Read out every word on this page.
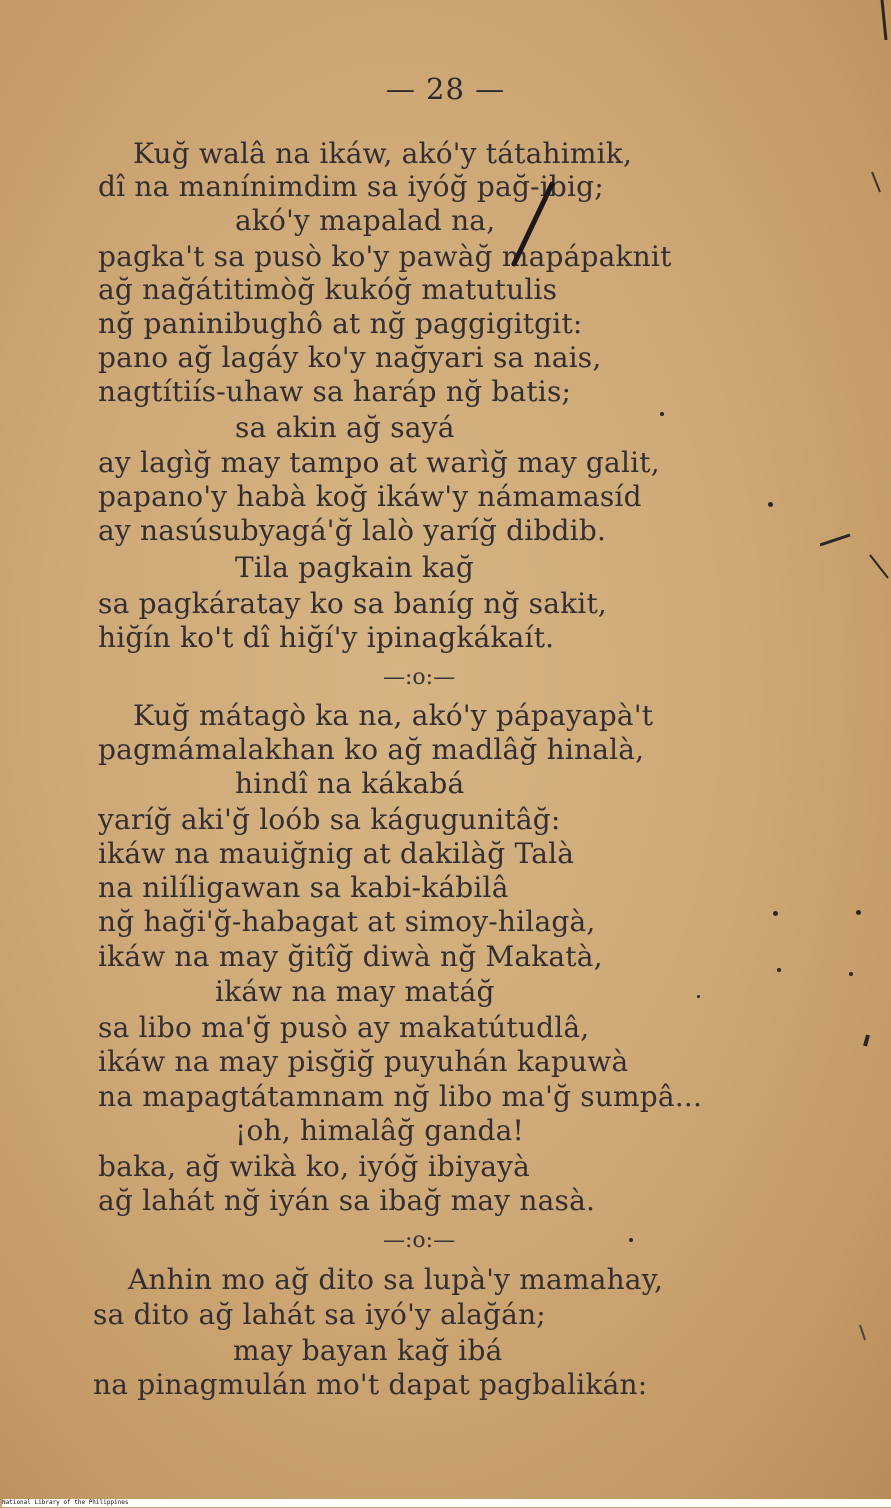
— 28 —
Kuğ walâ na ikáw, akó'y tátahimik,
dî na manínimdim sa iyóğ pağ-ibig;
akó'y mapalad na,
pagka't sa pusò ko'y pawàğ mapápaknit
ağ nağátitimòğ kukóğ matutulis
nğ paninibughô at nğ paggigitgit:
pano ağ lagáy ko'y nağyari sa nais,
nagtítiís-uhaw sa haráp nğ batis;
sa akin ağ sayá
ay lagìğ may tampo at warìğ may galit,
papano'y habà koğ ikáw'y námamasíd
ay nasúsubyagá'ğ lalò yaríğ dibdib.
Tila pagkain kağ
sa pagkáratay ko sa baníg nğ sakit,
hiğín ko't dî hiğí'y ipinagkákaít.
—:o:—
Kuğ mátagò ka na, akó'y pápayapà't
pagmámalakhan ko ağ madlâğ hinalà,
hindî na kákabá
yaríğ aki'ğ loób sa kágugunitâğ:
ikáw na mauiğnig at dakilàğ Talà
na nilíligawan sa kabi-kábilâ
nğ haği'ğ-habagat at simoy-hilagà,
ikáw na may ğitîğ diwà nğ Makatà,
ikáw na may matáğ
sa libo ma'ğ pusò ay makatútudlâ,
ikáw na may pisğiğ puyuhán kapuwà
na mapagtátamnam nğ libo ma'ğ sumpâ...
¡oh, himalâğ ganda!
baka, ağ wikà ko, iyóğ ibiyayà
ağ lahát nğ iyán sa ibağ may nasà.
—:o:—
Anhin mo ağ dito sa lupà'y mamahay,
sa dito ağ lahát sa iyó'y alağán;
may bayan kağ ibá
na pinagmulán mo't dapat pagbalikán:
National Library of the Philippines
